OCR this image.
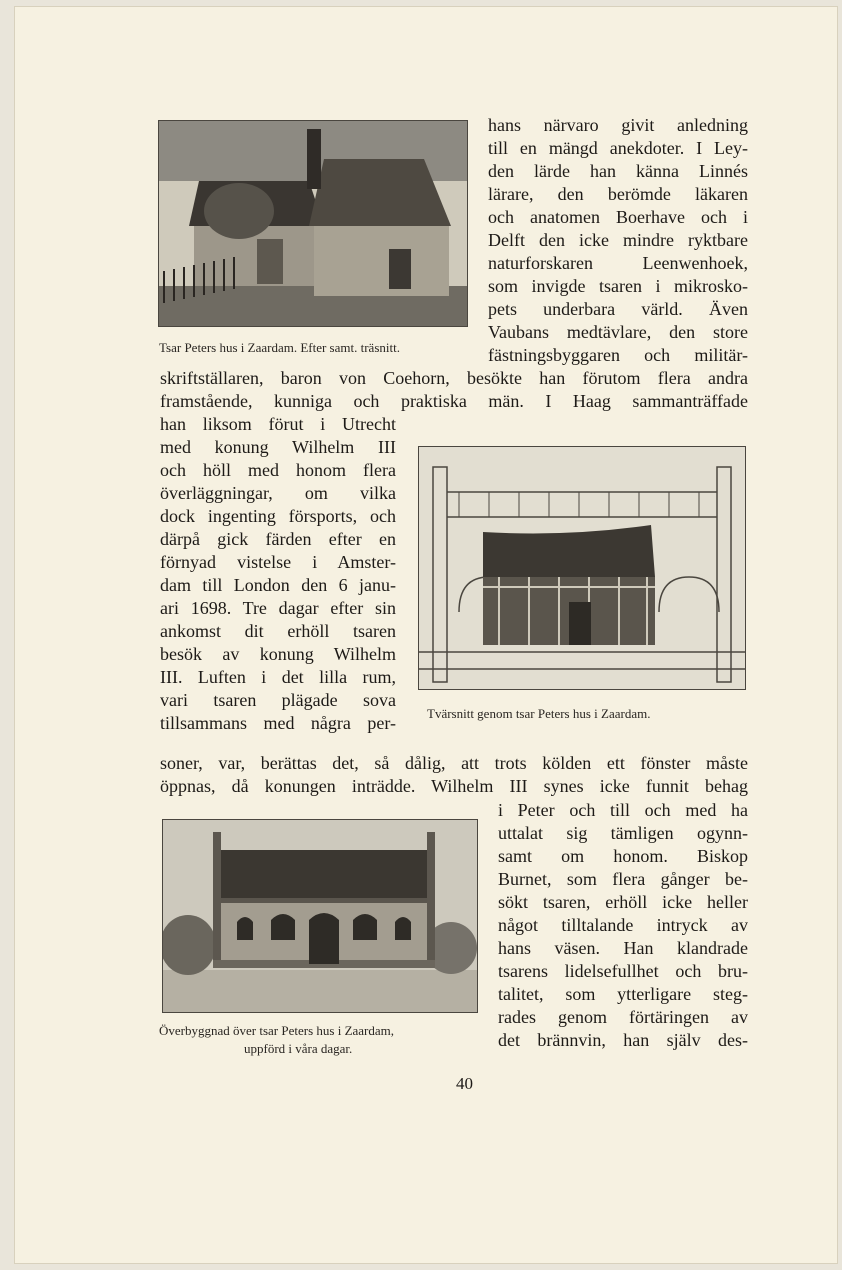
Tsar Peters hus i Zaardam. Efter samt. träsnitt.
hans närvaro givit anledning
till en mängd anekdoter. I Ley-
den lärde han känna Linnés
lärare, den berömde läkaren
och anatomen Boerhave och i
Delft den icke mindre ryktbare
naturforskaren Leenwenhoek,
som invigde tsaren i mikrosko-
pets underbara värld. Även
Vaubans medtävlare, den store
fästningsbyggaren och militär-
skriftställaren, baron von Coehorn, besökte han förutom flera andra
framstående, kunniga och praktiska män. I Haag sammanträffade
han liksom förut i Utrecht
med konung Wilhelm III
och höll med honom flera
överläggningar, om vilka
dock ingenting försports, och
därpå gick färden efter en
förnyad vistelse i Amster-
dam till London den 6 janu-
ari 1698. Tre dagar efter sin
ankomst dit erhöll tsaren
besök av konung Wilhelm
III. Luften i det lilla rum,
vari tsaren plägade sova
tillsammans med några per- Tvärsnitt genom tsar Peters hus i Zaardam.
soner, var, berättas det, så dålig, att trots kölden ett fönster måste
öppnas, då konungen inträdde. Wilhelm III synes icke funnit behag
Överbyggnad över tsar Peters hus i Zaardam,
uppförd i våra dagar.
i Peter och till och med ha
uttalat sig tämligen ogynn-
samt om honom. Biskop
Burnet, som flera gånger be-
sökt tsaren, erhöll icke heller
något tilltalande intryck av
hans väsen. Han klandrade
tsarens lidelsefullhet och bru-
talitet, som ytterligare steg-
rades genom förtäringen av
det brännvin, han själv des-
40
